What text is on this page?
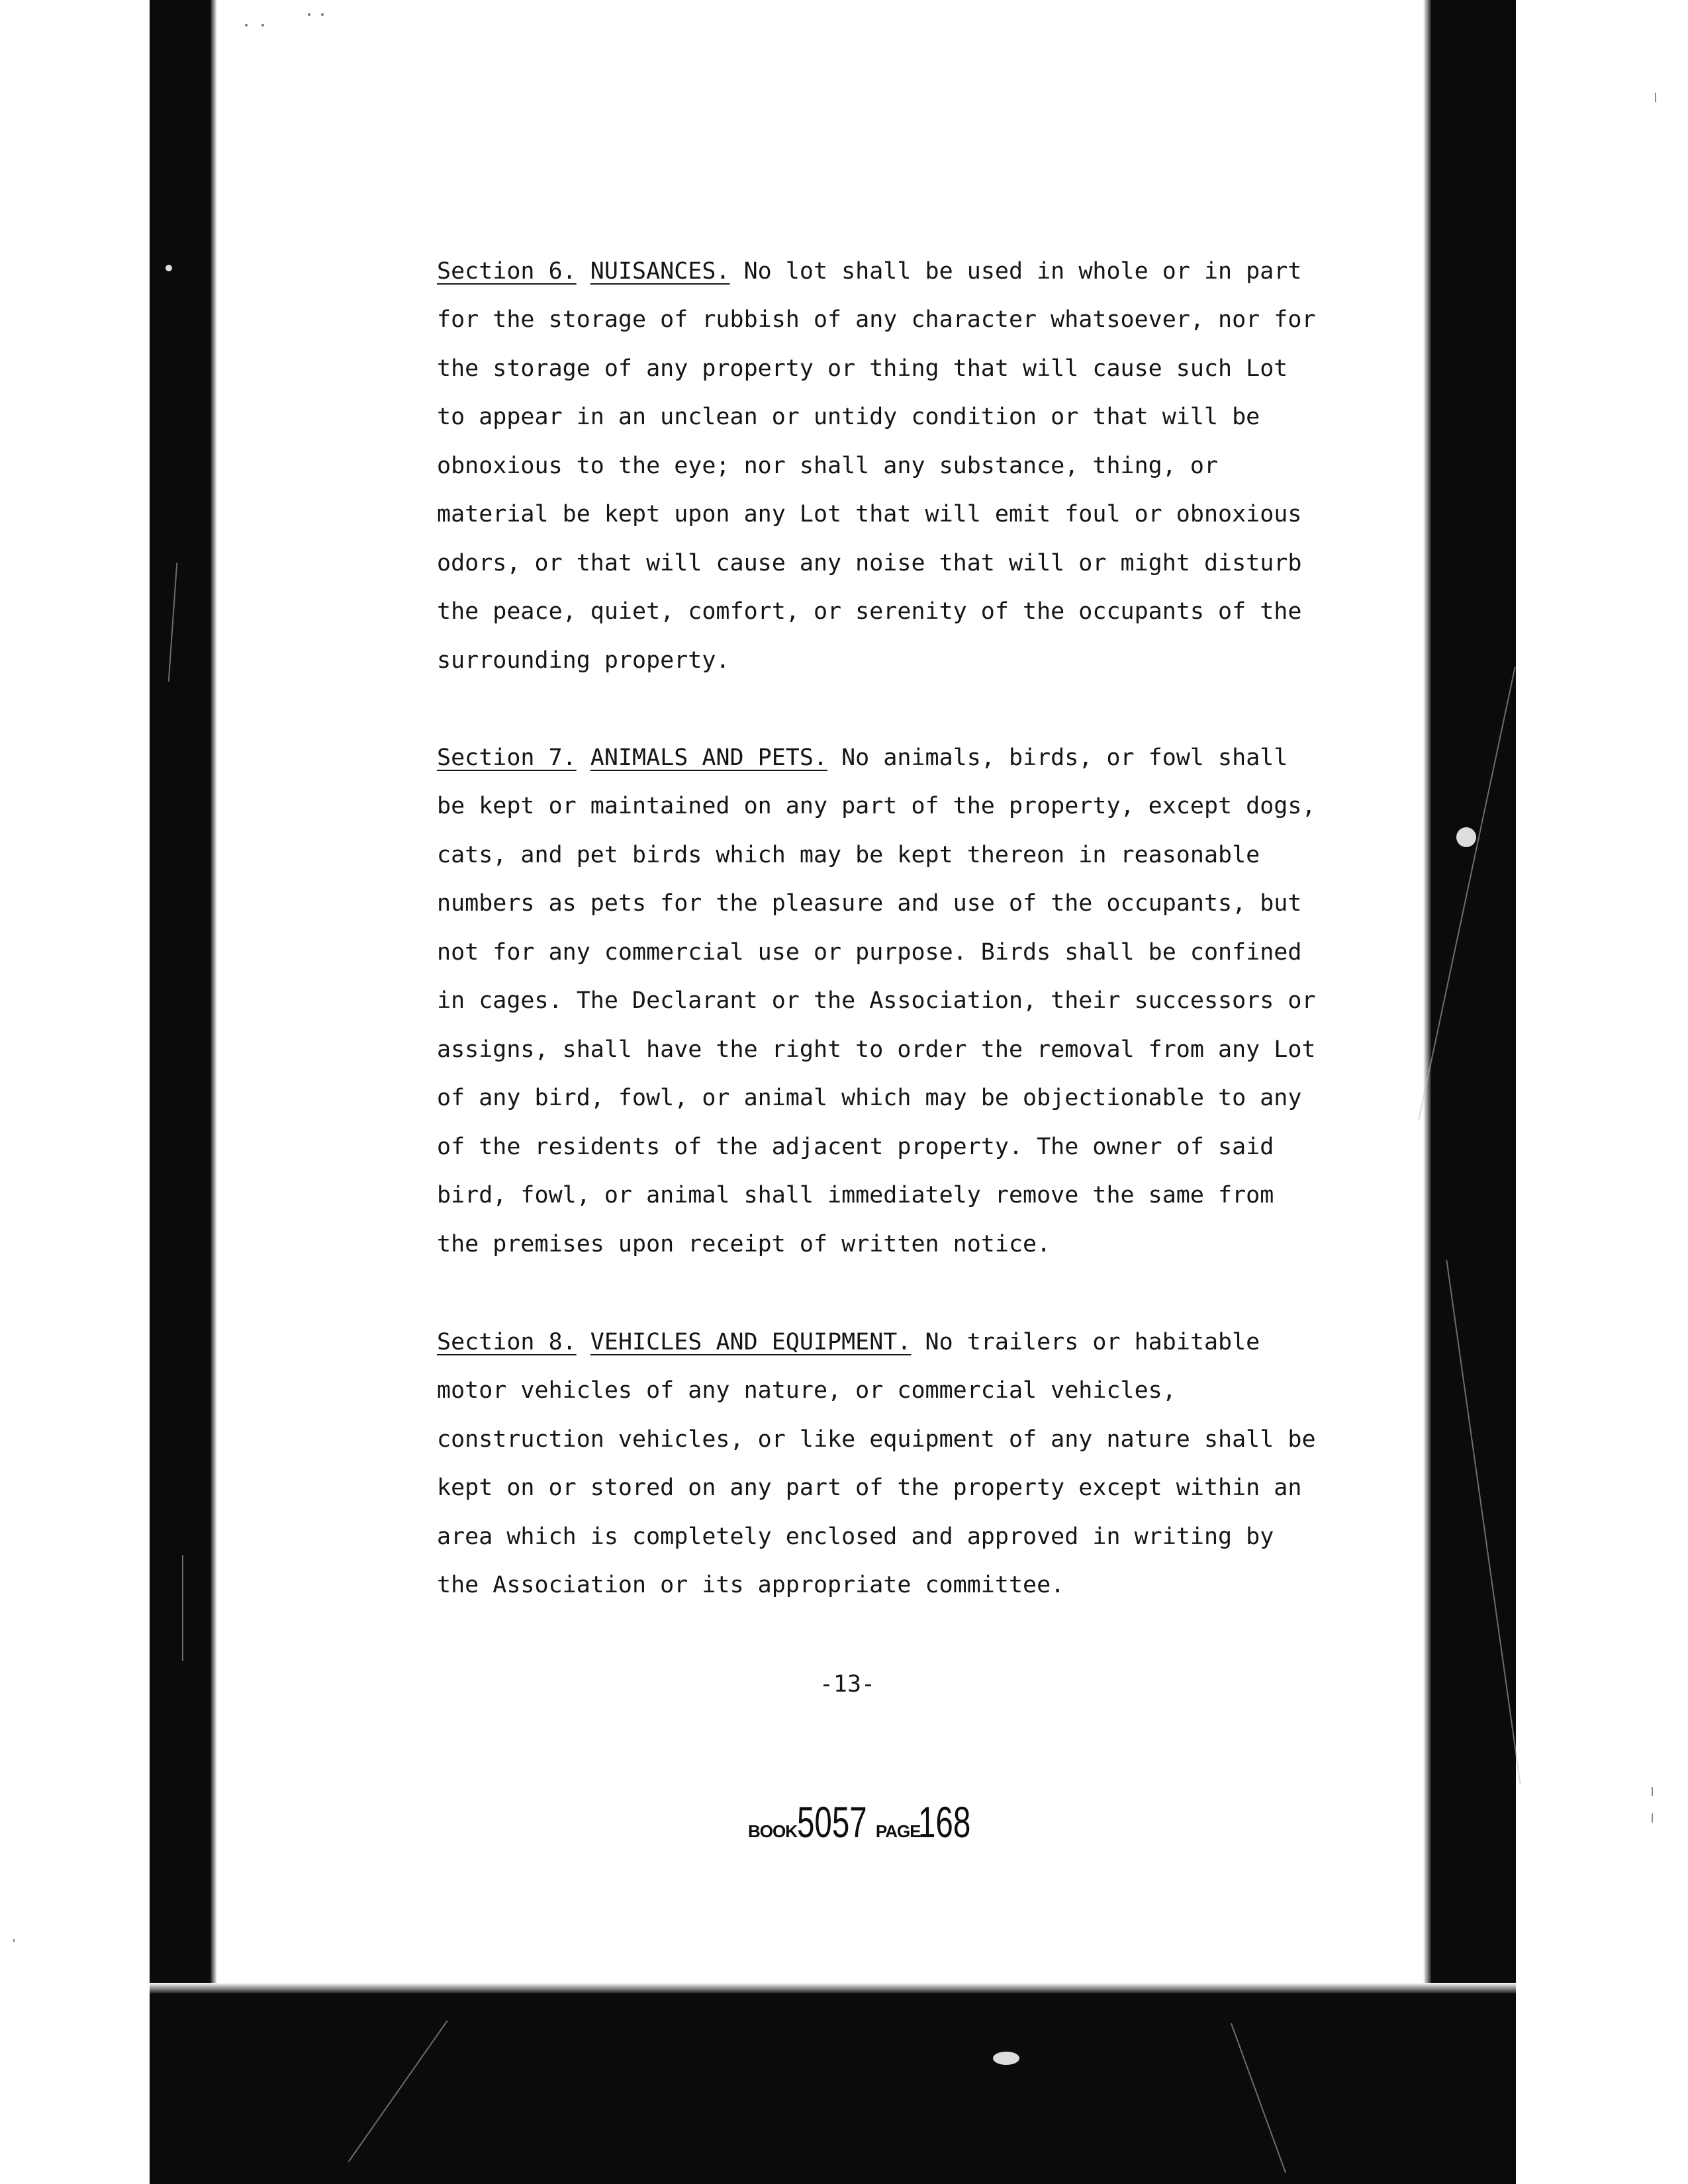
Section 6. NUISANCES. No lot shall be used in whole or in part for the storage of rubbish of any character whatsoever, nor for the storage of any property or thing that will cause such Lot to appear in an unclean or untidy condition or that will be obnoxious to the eye; nor shall any substance, thing, or material be kept upon any Lot that will emit foul or obnoxious odors, or that will cause any noise that will or might disturb the peace, quiet, comfort, or serenity of the occupants of the surrounding property.

Section 7. ANIMALS AND PETS. No animals, birds, or fowl shall be kept or maintained on any part of the property, except dogs, cats, and pet birds which may be kept thereon in reasonable numbers as pets for the pleasure and use of the occupants, but not for any commercial use or purpose. Birds shall be confined in cages. The Declarant or the Association, their successors or assigns, shall have the right to order the removal from any Lot of any bird, fowl, or animal which may be objectionable to any of the residents of the adjacent property. The owner of said bird, fowl, or animal shall immediately remove the same from the premises upon receipt of written notice.

Section 8. VEHICLES AND EQUIPMENT. No trailers or habitable motor vehicles of any nature, or commercial vehicles, construction vehicles, or like equipment of any nature shall be kept on or stored on any part of the property except within an area which is completely enclosed and approved in writing by the Association or its appropriate committee.

-13-
BOOK5057 PAGE168
